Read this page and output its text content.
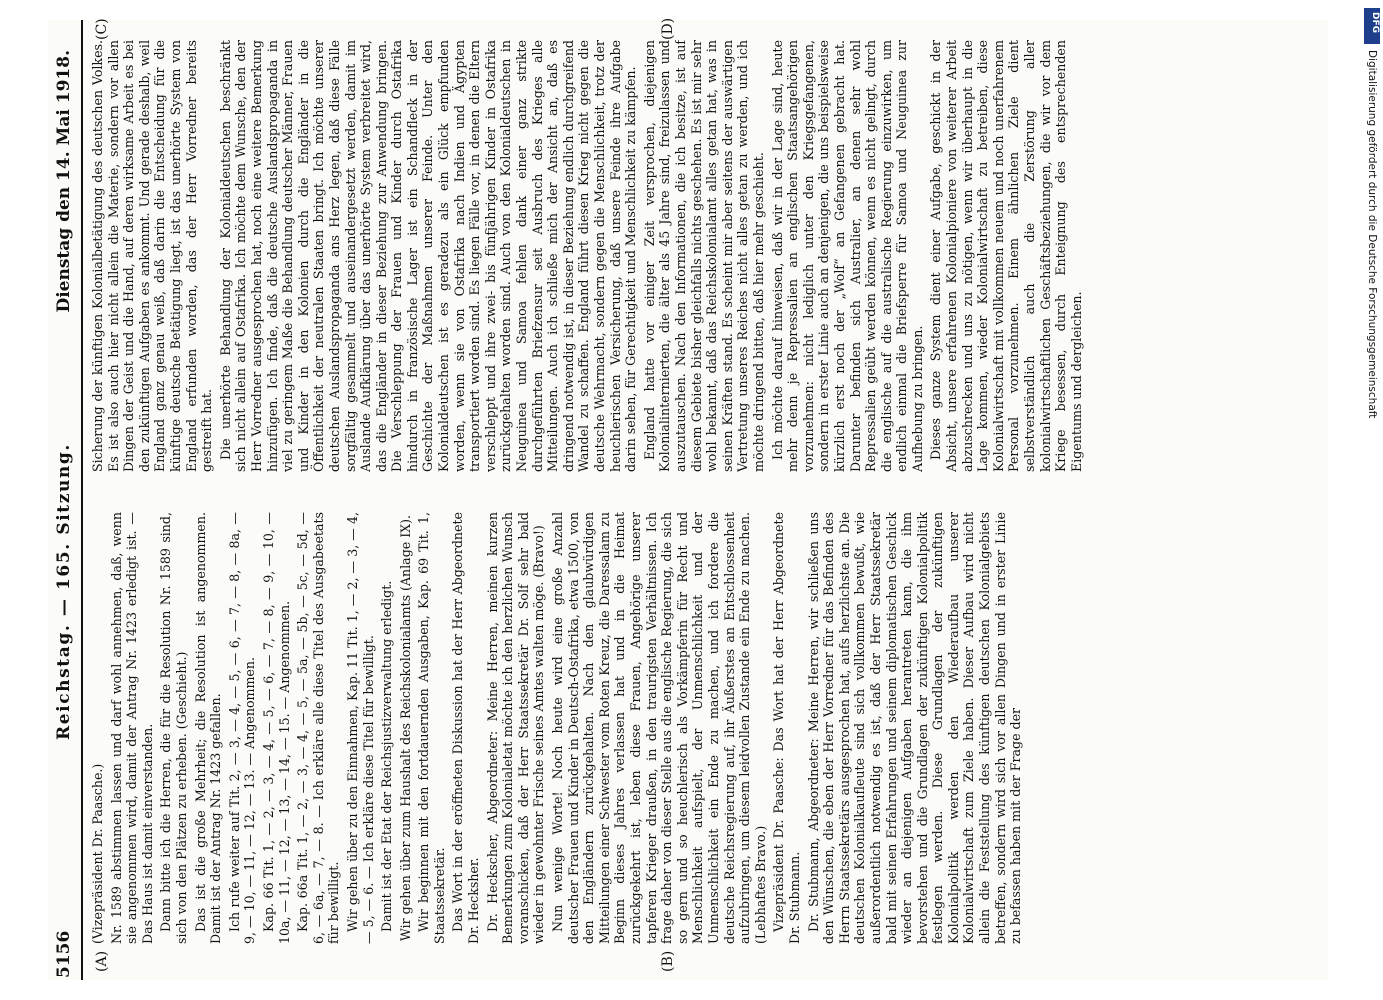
5156
Reichstag. — 165. Sitzung.
Dienstag den 14. Mai 1918.
(A)	(B)
(C)	(D)

(Vizepräsident Dr. Paasche.) Nr. 1589 abstimmen lassen und darf wohl annehmen, daß, wenn sie angenommen wird, damit der Antrag Nr. 1423 erledigt ist. — Das Haus ist damit einverstanden. Dann bitte ich die Herren, die für die Resolution Nr. 1589 sind, sich von den Plätzen zu erheben. (Geschieht.) Das ist die große Mehrheit; die Resolution ist angenommen. Damit ist der Antrag Nr. 1423 gefallen. Ich rufe weiter auf Tit. 2, — 3, — 4, — 5, — 6, — 7, — 8, — 8a, — 9, — 10, — 11, — 12, — 13. — Angenommen. Kap. 66 Tit. 1, — 2, — 3, — 4, — 5, — 6, — 7, — 8, — 9, — 10, — 10a, — 11, — 12, — 13, — 14, — 15. — Angenommen. Kap. 66a Tit. 1, — 2, — 3, — 4, — 5, — 5a, — 5b, — 5c, — 5d, — 6, — 6a, — 7, — 8. — Ich erkläre alle diese Titel des Ausgabeetats für bewilligt. Wir gehen über zu den Einnahmen, Kap. 11 Tit. 1, — 2, — 3, — 4, — 5, — 6. — Ich erkläre diese Titel für bewilligt. Damit ist der Etat der Reichsjustizverwaltung erledigt. Wir gehen über zum Haushalt des Reichskolonialamts (Anlage IX). Wir beginnen mit den fortdauernden Ausgaben, Kap. 69 Tit. 1, Staatssekretär. Das Wort in der eröffneten Diskussion hat der Herr Abgeordnete Dr. Hecksher. Dr. Heckscher, Abgeordneter: Meine Herren, meinen kurzen Bemerkungen zum Kolonialetat möchte ich den herzlichen Wunsch voranschicken, daß der Herr Staatssekretär Dr. Solf sehr bald wieder in gewohnter Frische seines Amtes walten möge. (Bravo!) Nun wenige Worte! Noch heute wird eine große Anzahl deutscher Frauen und Kinder in Deutsch-Ostafrika, etwa 1500, von den Engländern zurückgehalten. Nach den glaubwürdigen Mitteilungen einer Schwester vom Roten Kreuz, die Daressalam zu Beginn dieses Jahres verlassen hat und in die Heimat zurückgekehrt ist, leben diese Frauen, Angehörige unserer tapferen Krieger draußen, in den traurigsten Verhältnissen. Ich frage daher von dieser Stelle aus die englische Regierung, die sich so gern und so heuchlerisch als Vorkämpferin für Recht und Menschlichkeit aufspielt, der Unmenschlichkeit und der Unmenschlichkeit ein Ende zu machen, und ich fordere die deutsche Reichsregierung auf, ihr Äußerstes an Entschlossenheit aufzubringen, um diesem leidvollen Zustande ein Ende zu machen. (Lebhaftes Bravo.) Vizepräsident Dr. Paasche: Das Wort hat der Herr Abgeordnete Dr. Stubmann. Dr. Stubmann, Abgeordneter: Meine Herren, wir schließen uns den Wünschen, die eben der Herr Vorredner für das Befinden des Herrn Staatssekretärs ausgesprochen hat, aufs herzlichste an. Die deutschen Kolonialkaufleute sind sich vollkommen bewußt, wie außerordentlich notwendig es ist, daß der Herr Staatssekretär bald mit seinen Erfahrungen und seinem diplomatischen Geschick wieder an diejenigen Aufgaben herantreten kann, die ihm bevorstehen und die Grundlagen der zukünftigen Kolonialpolitik festlegen werden. Diese Grundlagen der zukünftigen Kolonialpolitik werden den Wiederaufbau unserer Kolonialwirtschaft zum Ziele haben. Dieser Aufbau wird nicht allein die Feststellung des künftigen deutschen Kolonialgebiets betreffen, sondern wird sich vor allen Dingen und in erster Linie zu befassen haben mit der Frage der

Sicherung der künftigen Kolonialbetätigung des deutschen Volkes. Es ist also auch hier nicht allein die Materie, sondern vor allen Dingen der Geist und die Hand, auf deren wirksame Arbeit es bei den zukünftigen Aufgaben es ankommt. Und gerade deshalb, weil England ganz genau weiß, daß darin die Entscheidung für die künftige deutsche Betätigung liegt, ist das unerhörte System von England erfunden worden, das der Herr Vorredner bereits gestreift hat. Die unerhörte Behandlung der Kolonialdeutschen beschränkt sich nicht allein auf Ostafrika. Ich möchte dem Wunsche, den der Herr Vorredner ausgesprochen hat, noch eine weitere Bemerkung hinzufügen. Ich finde, daß die deutsche Auslandspropaganda in viel zu geringem Maße die Behandlung deutscher Männer, Frauen und Kinder in den Kolonien durch die Engländer in die Öffentlichkeit der neutralen Staaten bringt. Ich möchte unserer deutschen Auslandspropaganda ans Herz legen, daß diese Fälle sorgfältig gesammelt und auseinandergesetzt werden, damit im Auslande Aufklärung über das unerhörte System verbreitet wird, das die Engländer in dieser Beziehung zur Anwendung bringen. Die Verschleppung der Frauen und Kinder durch Ostafrika hindurch in französische Lager ist ein Schandfleck in der Geschichte der Maßnahmen unserer Feinde. Unter den Kolonialdeutschen ist es geradezu als ein Glück empfunden worden, wenn sie von Ostafrika nach Indien und Ägypten transportiert worden sind. Es liegen Fälle vor, in denen die Eltern verschleppt und ihre zwei- bis fünfjährigen Kinder in Ostafrika zurückgehalten worden sind. Auch von den Kolonialdeutschen in Neuguinea und Samoa fehlen dank einer ganz strikte durchgeführten Briefzensur seit Ausbruch des Krieges alle Mitteilungen. Auch ich schließe mich der Ansicht an, daß es dringend notwendig ist, in dieser Beziehung endlich durchgreifend Wandel zu schaffen. England führt diesen Krieg nicht gegen die deutsche Wehrmacht, sondern gegen die Menschlichkeit, trotz der heuchlerischen Versicherung, daß unsere Feinde ihre Aufgabe darin sehen, für Gerechtigkeit und Menschlichkeit zu kämpfen. England hatte vor einiger Zeit versprochen, diejenigen Kolonialinternierten, die älter als 45 Jahre sind, freizulassen und auszutauschen. Nach den Informationen, die ich besitze, ist auf diesem Gebiete bisher gleichfalls nichts geschehen. Es ist mir sehr wohl bekannt, daß das Reichskolonialamt alles getan hat, was in seinen Kräften stand. Es scheint mir aber seitens der auswärtigen Vertretung unseres Reiches nicht alles getan zu werden, und ich möchte dringend bitten, daß hier mehr geschieht. Ich möchte darauf hinweisen, daß wir in der Lage sind, heute mehr denn je Repressalien an englischen Staatsangehörigen vorzunehmen: nicht lediglich unter den Kriegsgefangenen, sondern in erster Linie auch an denjenigen, die uns beispielsweise kürzlich erst noch der „Wolf“ an Gefangenen gebracht hat. Darunter befinden sich Australier, an denen sehr wohl Repressalien geübt werden können, wenn es nicht gelingt, durch die englische auf die australische Regierung einzuwirken, um endlich einmal die Briefsperre für Samoa und Neuguinea zur Aufhebung zu bringen. Dieses ganze System dient einer Aufgabe, geschickt in der Absicht, unsere erfahrenen Kolonialpioniere von weiterer Arbeit abzuschrecken und uns zu nötigen, wenn wir überhaupt in die Lage kommen, wieder Kolonialwirtschaft zu betreiben, diese Kolonialwirtschaft mit vollkommen neuem und noch unerfahrenem Personal vorzunehmen. Einem ähnlichen Ziele dient selbstverständlich auch die Zerstörung aller kolonialwirtschaftlichen Geschäftsbeziehungen, die wir vor dem Kriege besessen, durch Enteignung des entsprechenden Eigentums und dergleichen.

DFG
Digitalisierung gefördert durch die Deutsche Forschungsgemeinschaft
